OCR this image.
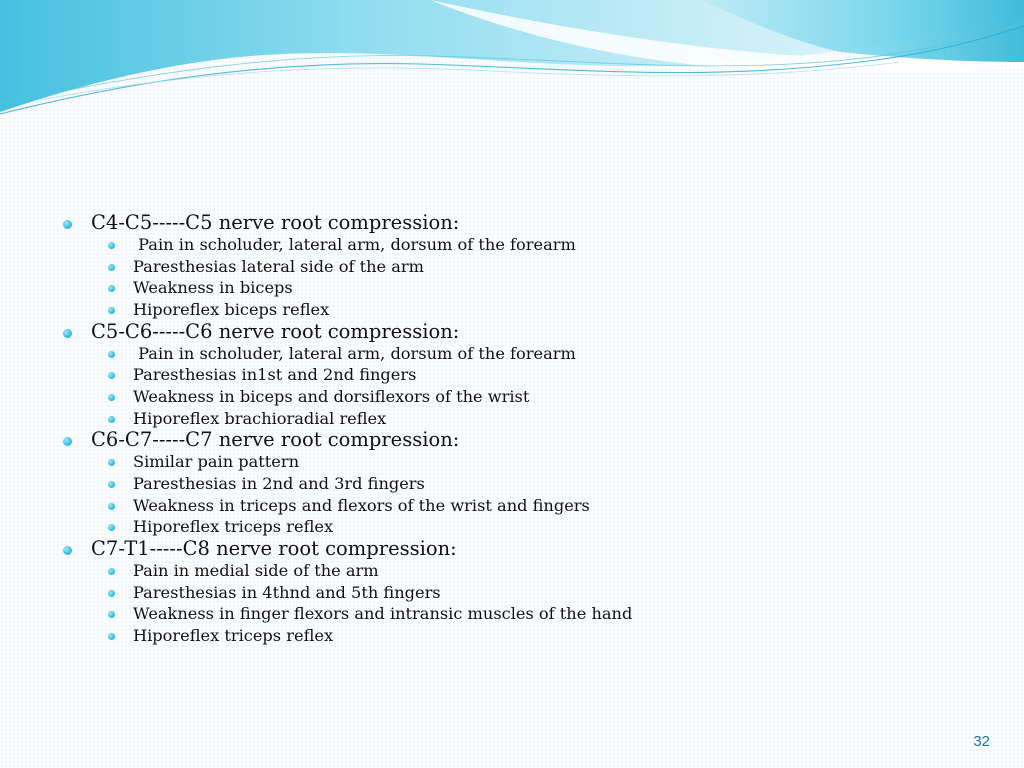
C4-C5-----C5 nerve root compression:
Pain in scholuder, lateral arm, dorsum of the forearm
Paresthesias lateral side of the arm
Weakness in biceps
Hiporeflex biceps reflex
C5-C6-----C6 nerve root compression:
Pain in scholuder, lateral arm, dorsum of the forearm
Paresthesias in1st and 2nd fingers
Weakness in biceps and dorsiflexors of the wrist
Hiporeflex brachioradial reflex
C6-C7-----C7 nerve root compression:
Similar pain pattern
Paresthesias in 2nd and 3rd fingers
Weakness in triceps and flexors of the wrist and fingers
Hiporeflex triceps reflex
C7-T1-----C8 nerve root compression:
Pain in medial side of the arm
Paresthesias in 4thnd and 5th fingers
Weakness in finger flexors and intransic muscles of the hand
Hiporeflex triceps reflex
32
